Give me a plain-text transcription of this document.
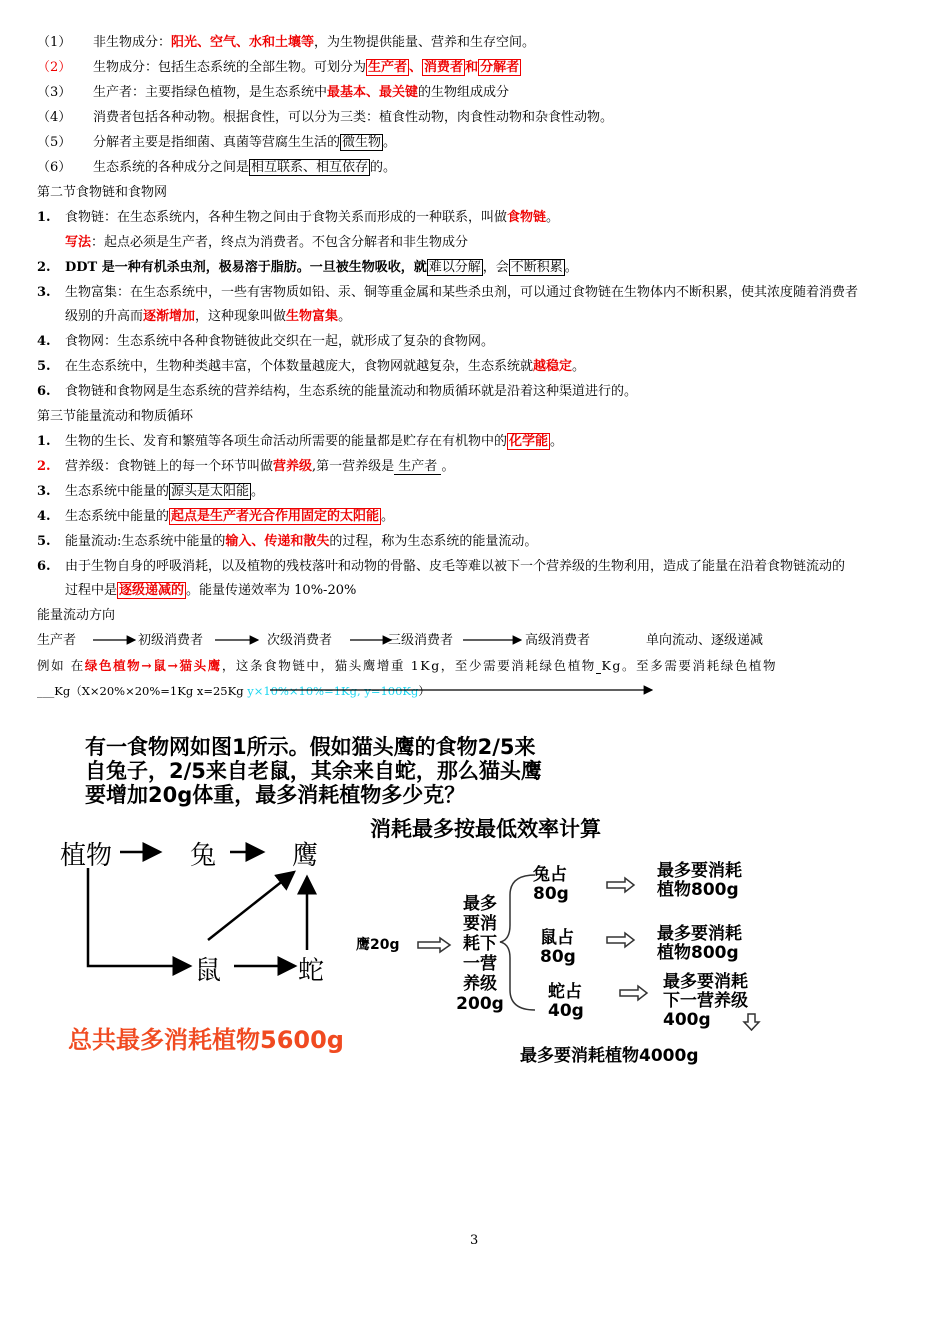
（1） 非生物成分：阳光、空气、水和土壤等，为生物提供能量、营养和生存空间。
（2） 生物成分：包括生态系统的全部生物。可划分为 生产者 、 消费者 和 分解者
（3） 生产者：主要指绿色植物，是生态系统中最基本、最关键的生物组成成分
（4） 消费者包括各种动物。根据食性，可以分为三类：植食性动物，肉食性动物和杂食性动物。
（5） 分解者主要是指细菌、真菌等营腐生生活的 微生物 。
（6） 生态系统的各种成分之间是 相互联系、相互依存 的。
第二节食物链和食物网
1. 食物链：在生态系统内，各种生物之间由于食物关系而形成的一种联系，叫做食物链。
写法：起点必须是生产者，终点为消费者。不包含分解者和非生物成分
2. DDT 是一种有机杀虫剂，极易溶于脂肪。一旦被生物吸收，就 难以分解 ，会 不断积累 。
3. 生物富集：在生态系统中，一些有害物质如铅、汞、铜等重金属和某些杀虫剂，可以通过食物链在生物体内不断积累，使其浓度随着消费者
级别的升高而逐渐增加，这种现象叫做生物富集。
4. 食物网：生态系统中各种食物链彼此交织在一起，就形成了复杂的食物网。
5. 在生态系统中，生物种类越丰富，个体数量越庞大，食物网就越复杂，生态系统就越稳定。
6. 食物链和食物网是生态系统的营养结构，生态系统的能量流动和物质循环就是沿着这种渠道进行的。
第三节能量流动和物质循环
1. 生物的生长、发育和繁殖等各项生命活动所需要的能量都是贮存在有机物中的 化学能 。
2. 营养级：食物链上的每一个环节叫做营养级,第一营养级是 生产者 。
3. 生态系统中能量的 源头是太阳能 。
4. 生态系统中能量的 起点是生产者光合作用固定的太阳能 。
5. 能量流动:生态系统中能量的输入、传递和散失的过程，称为生态系统的能量流动。
6. 由于生物自身的呼吸消耗，以及植物的残枝落叶和动物的骨骼、皮毛等难以被下一个营养级的生物利用，造成了能量在沿着食物链流动的
过程中是 逐级递减的 。能量传递效率为 10%-20%
能量流动方向
生产者	初级消费者	次级消费者	三级消费者	高级消费者	单向流动、逐级递减
例如 在绿色植物→鼠→猫头鹰，这条食物链中，猫头鹰增重 1Kg，至少需要消耗绿色植物 Kg。至多需要消耗绿色植物
___Kg（X×20%×20%=1Kg x=25Kg y×10%×10%=1Kg, y=100Kg）
有一食物网如图1所示。假如猫头鹰的食物2/5来
自兔子，2/5来自老鼠，其余来自蛇，那么猫头鹰
要增加20g体重，最多消耗植物多少克？
消耗最多按最低效率计算
植物	兔	鹰
鼠	蛇
鹰20g
最多
要消
耗下
一营
养级
200g
兔占
80g
鼠占
80g
蛇占
40g
最多要消耗
植物800g
最多要消耗
植物800g
最多要消耗
下一营养级
400g
最多要消耗植物4000g
总共最多消耗植物5600g
3
